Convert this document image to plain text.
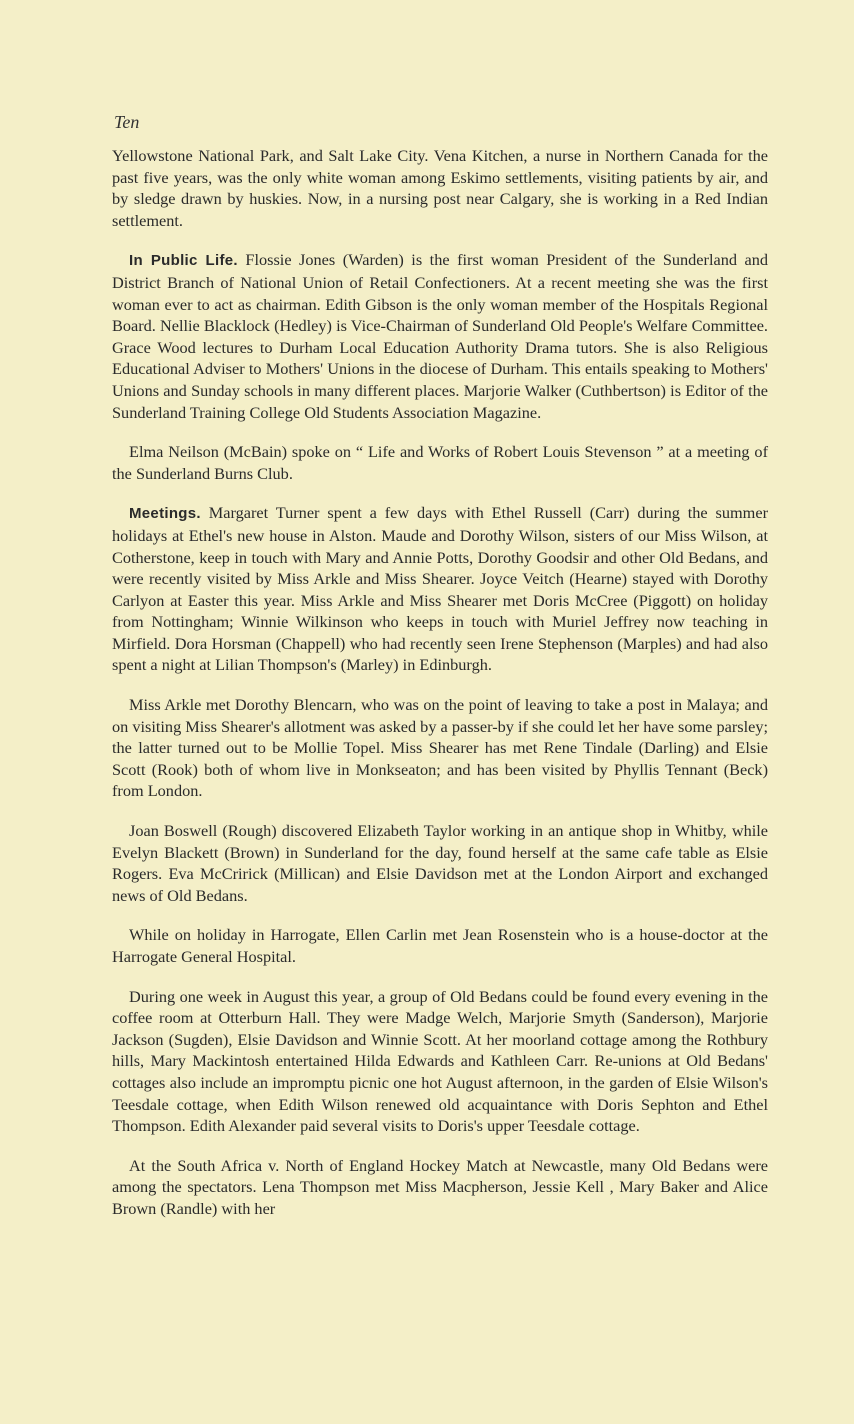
Ten

Yellowstone National Park, and Salt Lake City. Vena Kitchen, a nurse in Northern Canada for the past five years, was the only white woman among Eskimo settlements, visiting patients by air, and by sledge drawn by huskies. Now, in a nursing post near Calgary, she is working in a Red Indian settlement.

In Public Life. Flossie Jones (Warden) is the first woman President of the Sunderland and District Branch of National Union of Retail Confectioners. At a recent meeting she was the first woman ever to act as chairman. Edith Gibson is the only woman member of the Hospitals Regional Board. Nellie Blacklock (Hedley) is Vice-Chairman of Sunderland Old People's Welfare Committee. Grace Wood lectures to Durham Local Education Authority Drama tutors. She is also Religious Educational Adviser to Mothers' Unions in the diocese of Durham. This entails speaking to Mothers' Unions and Sunday schools in many different places. Marjorie Walker (Cuthbertson) is Editor of the Sunderland Training College Old Students Association Magazine.

Elma Neilson (McBain) spoke on “ Life and Works of Robert Louis Stevenson ” at a meeting of the Sunderland Burns Club.

Meetings. Margaret Turner spent a few days with Ethel Russell (Carr) during the summer holidays at Ethel's new house in Alston. Maude and Dorothy Wilson, sisters of our Miss Wilson, at Cotherstone, keep in touch with Mary and Annie Potts, Dorothy Goodsir and other Old Bedans, and were recently visited by Miss Arkle and Miss Shearer. Joyce Veitch (Hearne) stayed with Dorothy Carlyon at Easter this year. Miss Arkle and Miss Shearer met Doris McCree (Piggott) on holiday from Nottingham; Winnie Wilkinson who keeps in touch with Muriel Jeffrey now teaching in Mirfield. Dora Horsman (Chappell) who had recently seen Irene Stephenson (Marples) and had also spent a night at Lilian Thompson's (Marley) in Edinburgh.

Miss Arkle met Dorothy Blencarn, who was on the point of leaving to take a post in Malaya; and on visiting Miss Shearer's allotment was asked by a passer-by if she could let her have some parsley; the latter turned out to be Mollie Topel. Miss Shearer has met Rene Tindale (Darling) and Elsie Scott (Rook) both of whom live in Monkseaton; and has been visited by Phyllis Tennant (Beck) from London.

Joan Boswell (Rough) discovered Elizabeth Taylor working in an antique shop in Whitby, while Evelyn Blackett (Brown) in Sunderland for the day, found herself at the same cafe table as Elsie Rogers. Eva McCririck (Millican) and Elsie Davidson met at the London Airport and exchanged news of Old Bedans.

While on holiday in Harrogate, Ellen Carlin met Jean Rosenstein who is a house-doctor at the Harrogate General Hospital.

During one week in August this year, a group of Old Bedans could be found every evening in the coffee room at Otterburn Hall. They were Madge Welch, Marjorie Smyth (Sanderson), Marjorie Jackson (Sugden), Elsie Davidson and Winnie Scott. At her moorland cottage among the Rothbury hills, Mary Mackintosh entertained Hilda Edwards and Kathleen Carr. Re-unions at Old Bedans' cottages also include an impromptu picnic one hot August afternoon, in the garden of Elsie Wilson's Teesdale cottage, when Edith Wilson renewed old acquaintance with Doris Sephton and Ethel Thompson. Edith Alexander paid several visits to Doris's upper Teesdale cottage.

At the South Africa v. North of England Hockey Match at Newcastle, many Old Bedans were among the spectators. Lena Thompson met Miss Macpherson, Jessie Kell , Mary Baker and Alice Brown (Randle) with her
